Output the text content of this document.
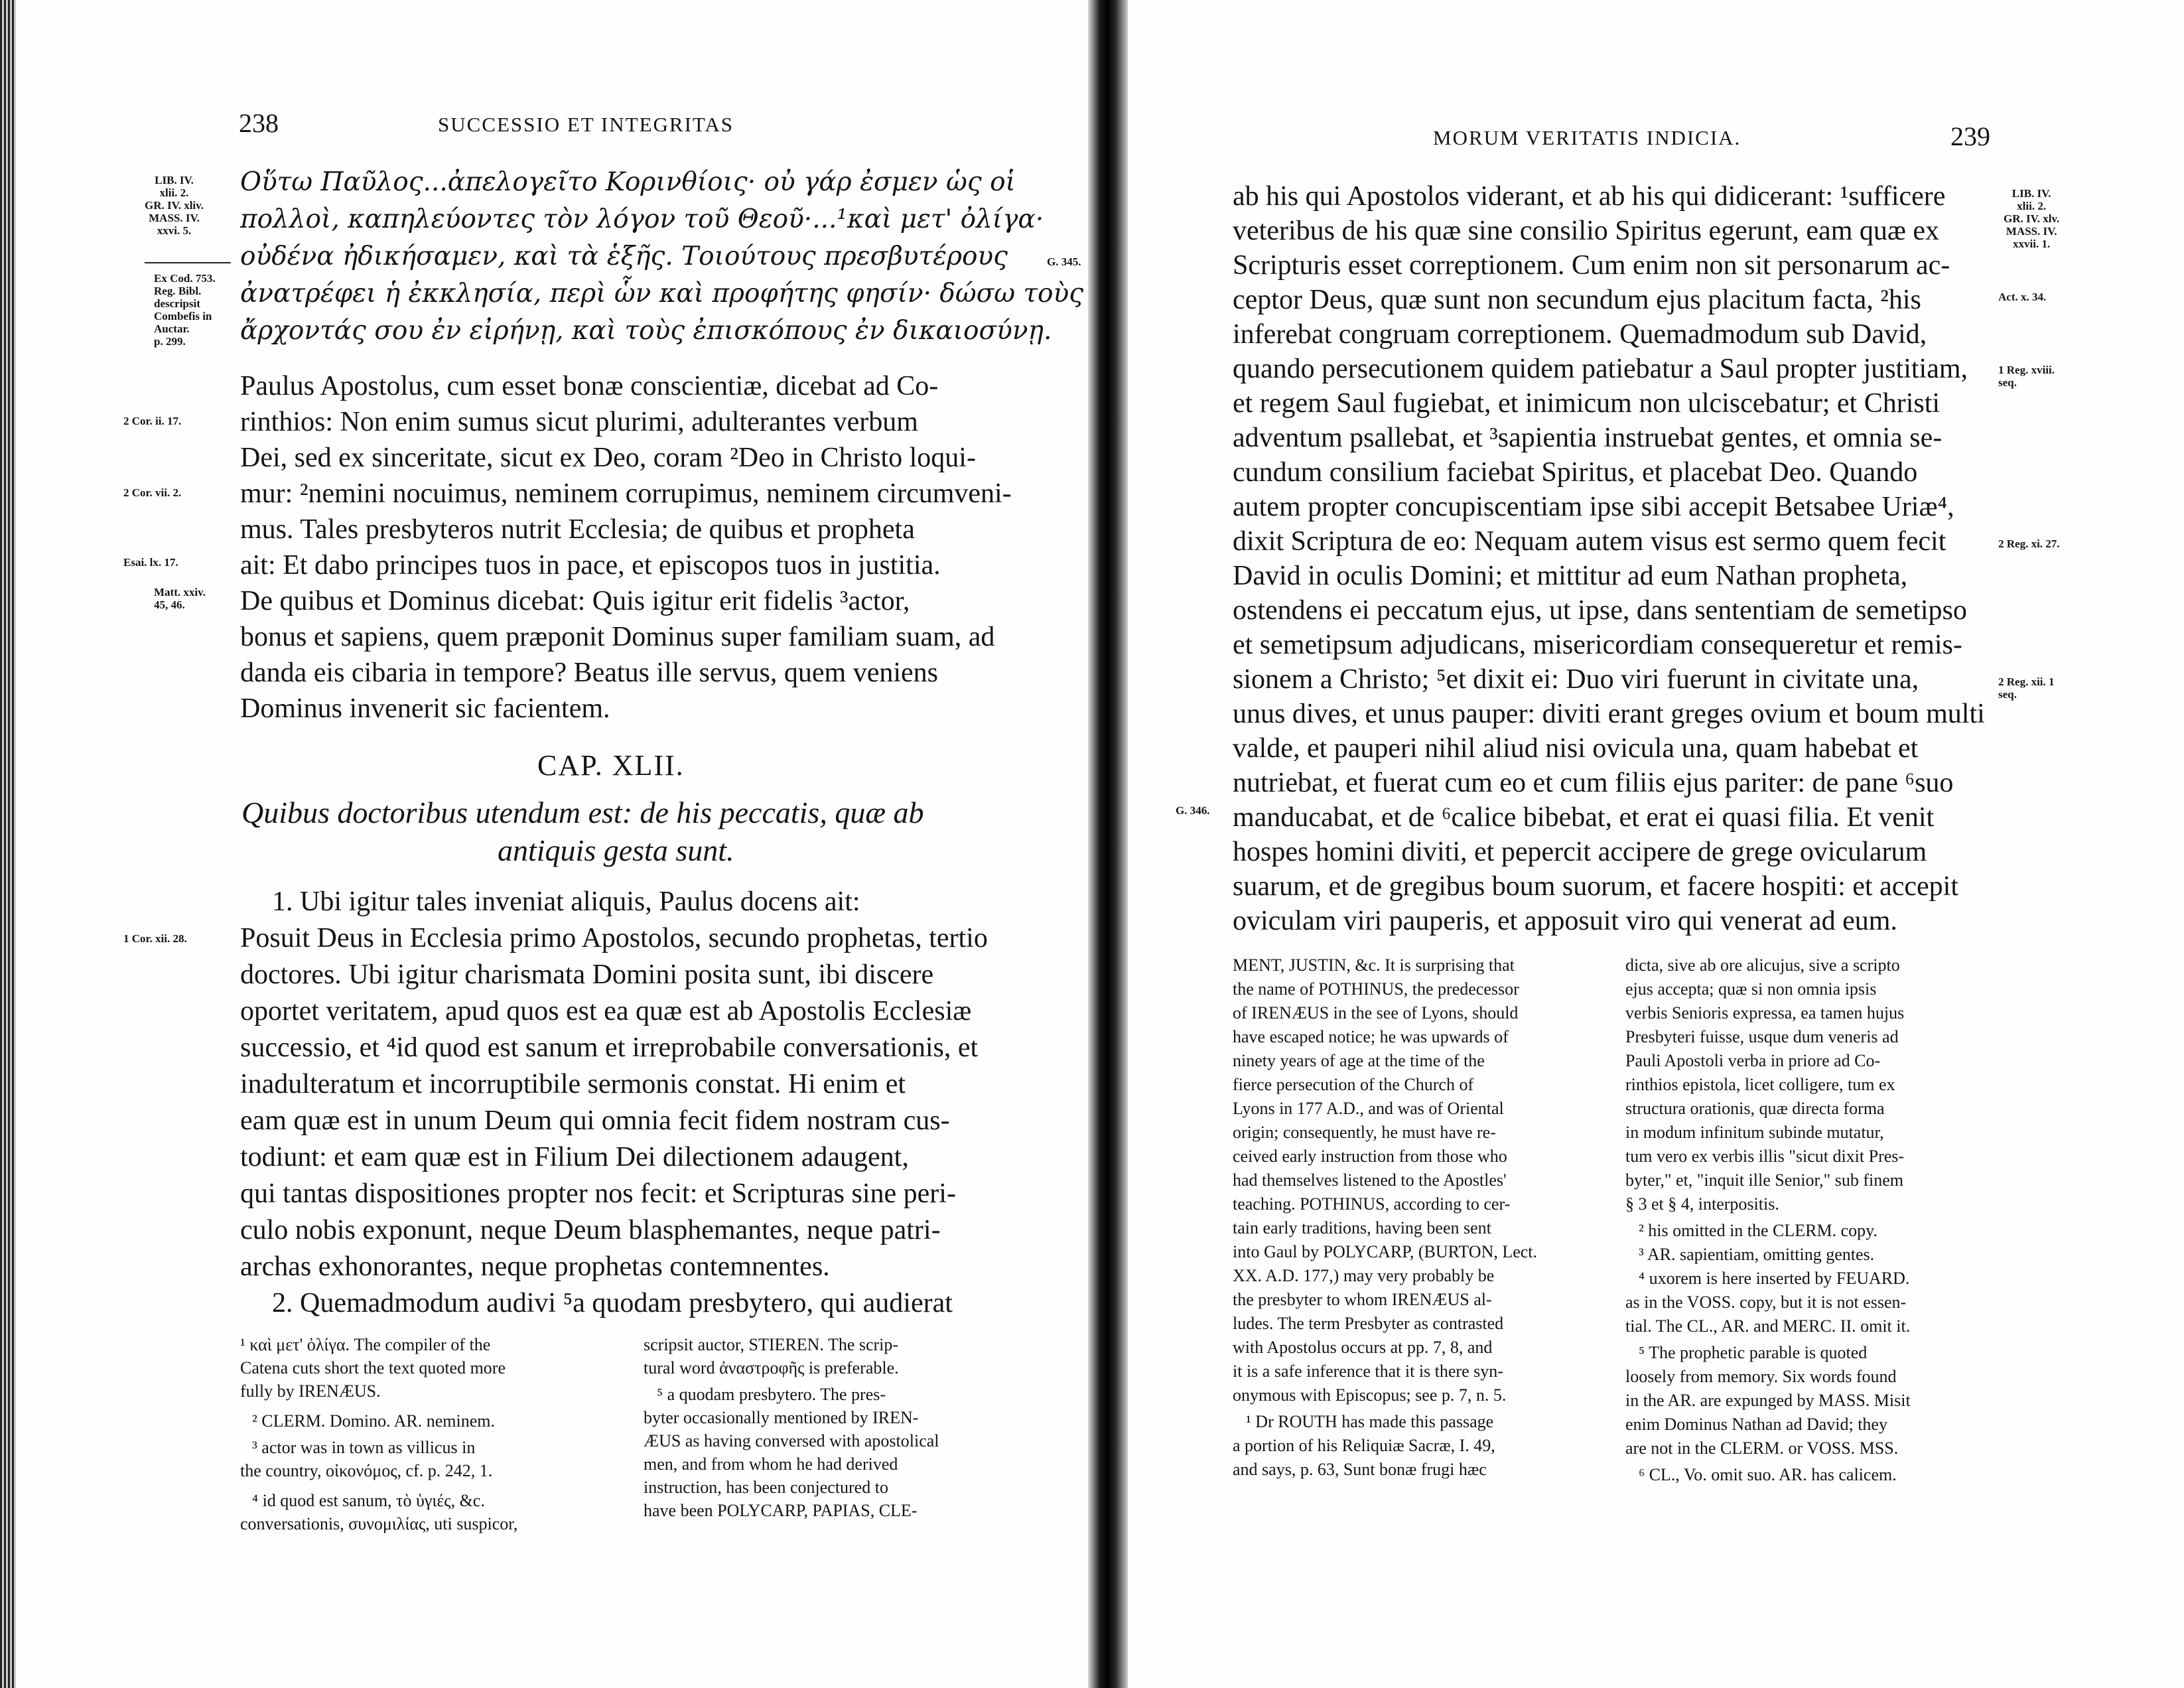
238	SUCCESSIO ET INTEGRITAS
LIB. IV.
xlii. 2.
GR. IV. xliv.
MASS. IV.
xxvi. 5.
Ex Cod. 753.
Reg. Bibl.
descripsit
Combefis in
Auctar.
p. 299.
2 Cor. ii. 17.
2 Cor. vii. 2.
Esai. lx. 17.
Matt. xxiv.
45, 46.
1 Cor. xii. 28.
G. 345.
Οὕτω Παῦλος...ἀπελογεῖτο Κορινθίοις· οὐ γάρ ἐσμεν ὡς οἱ
πολλοὶ, καπηλεύοντες τὸν λόγον τοῦ Θεοῦ·...¹καὶ μετ' ὀλίγα·
οὐδένα ἠδικήσαμεν, καὶ τὰ ἑξῆς. Τοιούτους πρεσβυτέρους
ἀνατρέφει ἡ ἐκκλησία, περὶ ὧν καὶ προφήτης φησίν· δώσω τοὺς
ἄρχοντάς σου ἐν εἰρήνῃ, καὶ τοὺς ἐπισκόπους ἐν δικαιοσύνῃ.
Paulus Apostolus, cum esset bonæ conscientiæ, dicebat ad Co-
rinthios: Non enim sumus sicut plurimi, adulterantes verbum
Dei, sed ex sinceritate, sicut ex Deo, coram ²Deo in Christo loqui-
mur: ²nemini nocuimus, neminem corrupimus, neminem circumveni-
mus. Tales presbyteros nutrit Ecclesia; de quibus et propheta
ait: Et dabo principes tuos in pace, et episcopos tuos in justitia.
De quibus et Dominus dicebat: Quis igitur erit fidelis ³actor,
bonus et sapiens, quem præponit Dominus super familiam suam, ad
danda eis cibaria in tempore? Beatus ille servus, quem veniens
Dominus invenerit sic facientem.
CAP. XLII.
Quibus doctoribus utendum est: de his peccatis, quæ ab
antiquis gesta sunt.
1. Ubi igitur tales inveniat aliquis, Paulus docens ait:
Posuit Deus in Ecclesia primo Apostolos, secundo prophetas, tertio
doctores. Ubi igitur charismata Domini posita sunt, ibi discere
oportet veritatem, apud quos est ea quæ est ab Apostolis Ecclesiæ
successio, et ⁴id quod est sanum et irreprobabile conversationis, et
inadulteratum et incorruptibile sermonis constat. Hi enim et
eam quæ est in unum Deum qui omnia fecit fidem nostram cus-
todiunt: et eam quæ est in Filium Dei dilectionem adaugent,
qui tantas dispositiones propter nos fecit: et Scripturas sine peri-
culo nobis exponunt, neque Deum blasphemantes, neque patri-
archas exhonorantes, neque prophetas contemnentes.
2. Quemadmodum audivi ⁵a quodam presbytero, qui audierat
¹ καὶ μετ' ὀλίγα. The compiler of the
Catena cuts short the text quoted more
fully by IRENÆUS.
² CLERM. Domino. AR. neminem.
³ actor was in town as villicus in
the country, οἰκονόμος, cf. p. 242, 1.
⁴ id quod est sanum, τὸ ὑγιές, &c.
conversationis, συνομιλίας, uti suspicor,
scripsit auctor, STIEREN. The scrip-
tural word ἀναστροφῆς is preferable.
⁵ a quodam presbytero. The pres-
byter occasionally mentioned by IREN-
ÆUS as having conversed with apostolical
men, and from whom he had derived
instruction, has been conjectured to
have been POLYCARP, PAPIAS, CLE-
MORUM VERITATIS INDICIA.	239
LIB. IV.
xlii. 2.
GR. IV. xlv.
MASS. IV.
xxvii. 1.
Act. x. 34.
1 Reg. xviii.
seq.
2 Reg. xi. 27.
2 Reg. xii. 1
seq.
G. 346.
ab his qui Apostolos viderant, et ab his qui didicerant: ¹sufficere
veteribus de his quæ sine consilio Spiritus egerunt, eam quæ ex
Scripturis esset correptionem. Cum enim non sit personarum ac-
ceptor Deus, quæ sunt non secundum ejus placitum facta, ²his
inferebat congruam correptionem. Quemadmodum sub David,
quando persecutionem quidem patiebatur a Saul propter justitiam,
et regem Saul fugiebat, et inimicum non ulciscebatur; et Christi
adventum psallebat, et ³sapientia instruebat gentes, et omnia se-
cundum consilium faciebat Spiritus, et placebat Deo. Quando
autem propter concupiscentiam ipse sibi accepit Betsabee Uriæ⁴,
dixit Scriptura de eo: Nequam autem visus est sermo quem fecit
David in oculis Domini; et mittitur ad eum Nathan propheta,
ostendens ei peccatum ejus, ut ipse, dans sententiam de semetipso
et semetipsum adjudicans, misericordiam consequeretur et remis-
sionem a Christo; ⁵et dixit ei: Duo viri fuerunt in civitate una,
unus dives, et unus pauper: diviti erant greges ovium et boum multi
valde, et pauperi nihil aliud nisi ovicula una, quam habebat et
nutriebat, et fuerat cum eo et cum filiis ejus pariter: de pane ⁶suo
manducabat, et de ⁶calice bibebat, et erat ei quasi filia. Et venit
hospes homini diviti, et pepercit accipere de grege ovicularum
suarum, et de gregibus boum suorum, et facere hospiti: et accepit
oviculam viri pauperis, et apposuit viro qui venerat ad eum.
MENT, JUSTIN, &c. It is surprising that
the name of POTHINUS, the predecessor
of IRENÆUS in the see of Lyons, should
have escaped notice; he was upwards of
ninety years of age at the time of the
fierce persecution of the Church of
Lyons in 177 A.D., and was of Oriental
origin; consequently, he must have re-
ceived early instruction from those who
had themselves listened to the Apostles'
teaching. POTHINUS, according to cer-
tain early traditions, having been sent
into Gaul by POLYCARP, (BURTON, Lect.
XX. A.D. 177,) may very probably be
the presbyter to whom IRENÆUS al-
ludes. The term Presbyter as contrasted
with Apostolus occurs at pp. 7, 8, and
it is a safe inference that it is there syn-
onymous with Episcopus; see p. 7, n. 5.
¹ Dr ROUTH has made this passage
a portion of his Reliquiæ Sacræ, I. 49,
and says, p. 63, Sunt bonæ frugi hæc
dicta, sive ab ore alicujus, sive a scripto
ejus accepta; quæ si non omnia ipsis
verbis Senioris expressa, ea tamen hujus
Presbyteri fuisse, usque dum veneris ad
Pauli Apostoli verba in priore ad Co-
rinthios epistola, licet colligere, tum ex
structura orationis, quæ directa forma
in modum infinitum subinde mutatur,
tum vero ex verbis illis "sicut dixit Pres-
byter," et, "inquit ille Senior," sub finem
§ 3 et § 4, interpositis.
² his omitted in the CLERM. copy.
³ AR. sapientiam, omitting gentes.
⁴ uxorem is here inserted by FEUARD.
as in the VOSS. copy, but it is not essen-
tial. The CL., AR. and MERC. II. omit it.
⁵ The prophetic parable is quoted
loosely from memory. Six words found
in the AR. are expunged by MASS. Misit
enim Dominus Nathan ad David; they
are not in the CLERM. or VOSS. MSS.
⁶ CL., Vo. omit suo. AR. has calicem.
